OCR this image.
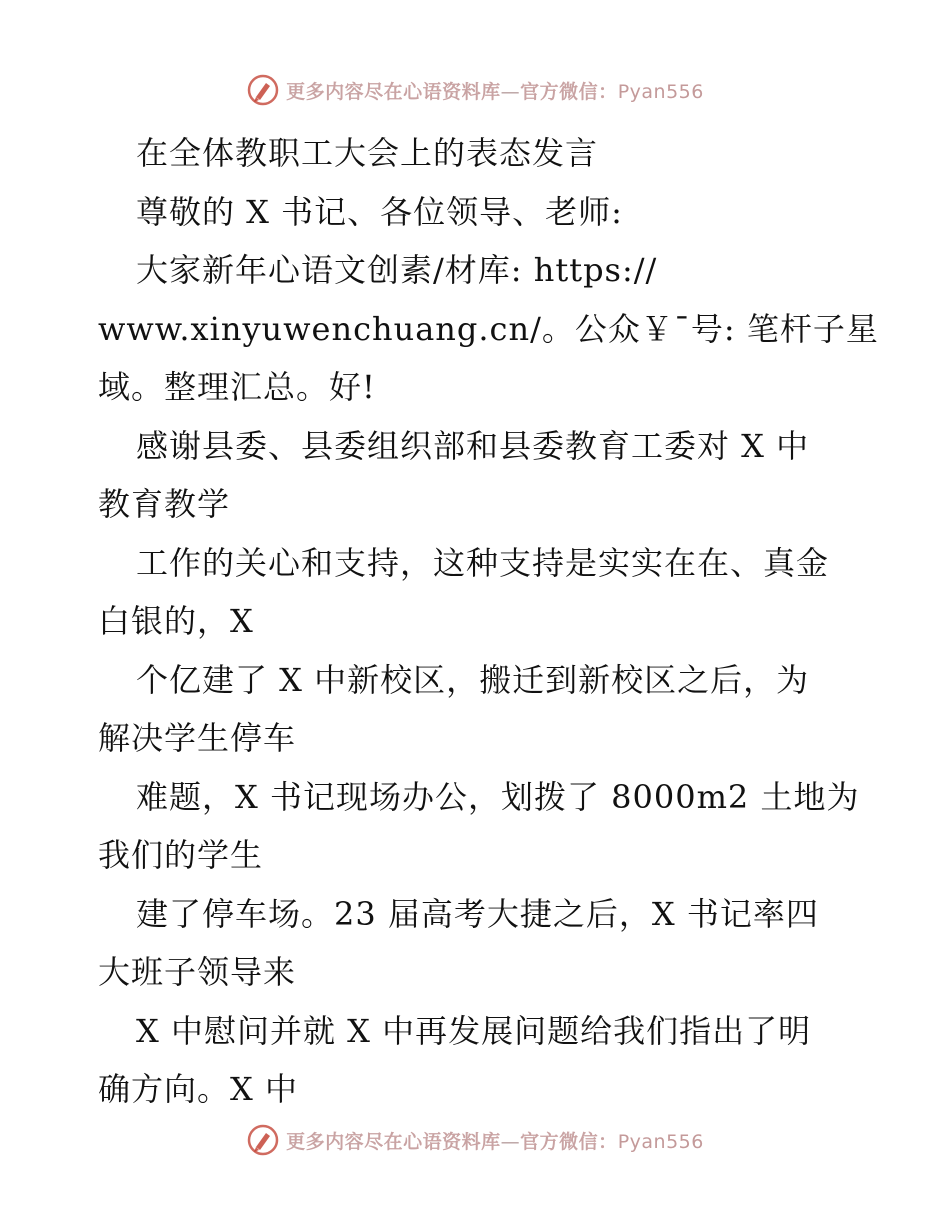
更多内容尽在心语资料库—官方微信：Pyan556
在全体教职工大会上的表态发言
尊敬的 X 书记、各位领导、老师:
大家新年心语文创素/材库: https://
www.xinyuwenchuang.cn/。公众￥¯号: 笔杆子星
域。整理汇总。好!
感谢县委、县委组织部和县委教育工委对 X 中
教育教学
工作的关心和支持，这种支持是实实在在、真金
白银的，X
个亿建了 X 中新校区，搬迁到新校区之后，为
解决学生停车
难题，X 书记现场办公，划拨了 8000m2 土地为
我们的学生
建了停车场。23 届高考大捷之后，X 书记率四
大班子领导来
X 中慰问并就 X 中再发展问题给我们指出了明
确方向。X 中
更多内容尽在心语资料库—官方微信：Pyan556
